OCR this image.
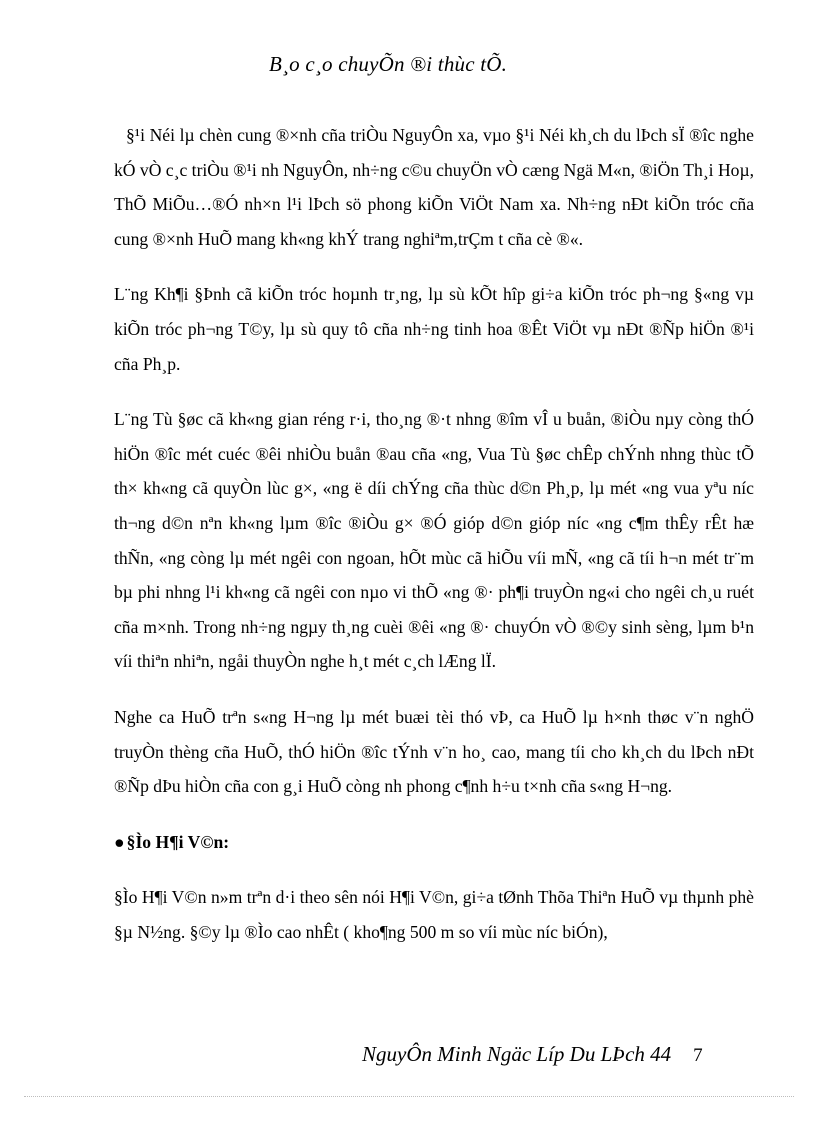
B¸o c¸o chuyÕn ®i thùc tÕ.

§¹i Néi lµ chèn cung ®×nh cña triÒu NguyÔn xa, vµo §¹i Néi kh¸ch du lÞch sÏ ®îc nghe kÓ vÒ c¸c triÒu ®¹i nh NguyÔn, nh÷ng c©u chuyÖn vÒ cæng Ngä M«n, ®iÖn Th¸i Hoµ, ThÕ MiÕu…®Ó nh×n l¹i lÞch sö phong kiÕn ViÖt Nam xa. Nh÷ng nÐt kiÕn tróc cña cung ®×nh HuÕ mang kh«ng khÝ trang nghiªm,trÇm t cña cè ®«.

L¨ng Kh¶i §Þnh cã kiÕn tróc hoµnh tr¸ng, lµ sù kÕt hîp gi÷a kiÕn tróc ph¬ng §«ng vµ kiÕn tróc ph¬ng T©y, lµ sù quy tô cña nh÷ng tinh hoa ®Êt ViÖt vµ nÐt ®Ñp hiÖn ®¹i cña Ph¸p.

L¨ng Tù §øc cã kh«ng gian réng r·i, tho¸ng ®·t nhng ®îm vÎ u buån, ®iÒu nµy còng thÓ hiÖn ®îc mét cuéc ®êi nhiÒu buån ®au cña «ng, Vua Tù §øc chÊp chÝnh nhng thùc tÕ th× kh«ng cã quyÒn lùc g×, «ng ë díi chÝng cña thùc d©n Ph¸p, lµ mét «ng vua yªu níc th¬ng d©n nªn kh«ng lµm ®îc ®iÒu g× ®Ó gióp d©n gióp níc «ng c¶m thÊy rÊt hæ thÑn, «ng còng lµ mét ngêi con ngoan, hÕt mùc cã hiÕu víi mÑ, «ng cã tíi h¬n mét tr¨m bµ phi nhng l¹i kh«ng cã ngêi con nµo vi thÕ «ng ®· ph¶i truyÒn ng«i cho ngêi ch¸u ruét cña m×nh. Trong nh÷ng ngµy th¸ng cuèi ®êi «ng ®· chuyÓn vÒ ®©y sinh sèng, lµm b¹n víi thiªn nhiªn, ngåi thuyÒn nghe h¸t mét c¸ch lÆng lÏ.

Nghe ca HuÕ trªn s«ng H¬ng lµ mét buæi tèi thó vÞ, ca HuÕ lµ h×nh thøc v¨n nghÖ truyÒn thèng cña HuÕ, thÓ hiÖn ®îc tÝnh v¨n ho¸ cao, mang tíi cho kh¸ch du lÞch nÐt ®Ñp dÞu hiÒn cña con g¸i HuÕ còng nh phong c¶nh h÷u t×nh cña s«ng H¬ng.

● §Ìo H¶i V©n:

§Ìo H¶i V©n n»m trªn d·i theo sên nói H¶i V©n, gi÷a tØnh Thõa Thiªn HuÕ vµ thµnh phè §µ N½ng. §©y lµ ®Ìo cao nhÊt ( kho¶ng 500 m so víi mùc níc biÓn),

NguyÔn Minh Ngäc Líp Du LÞch 44 7
